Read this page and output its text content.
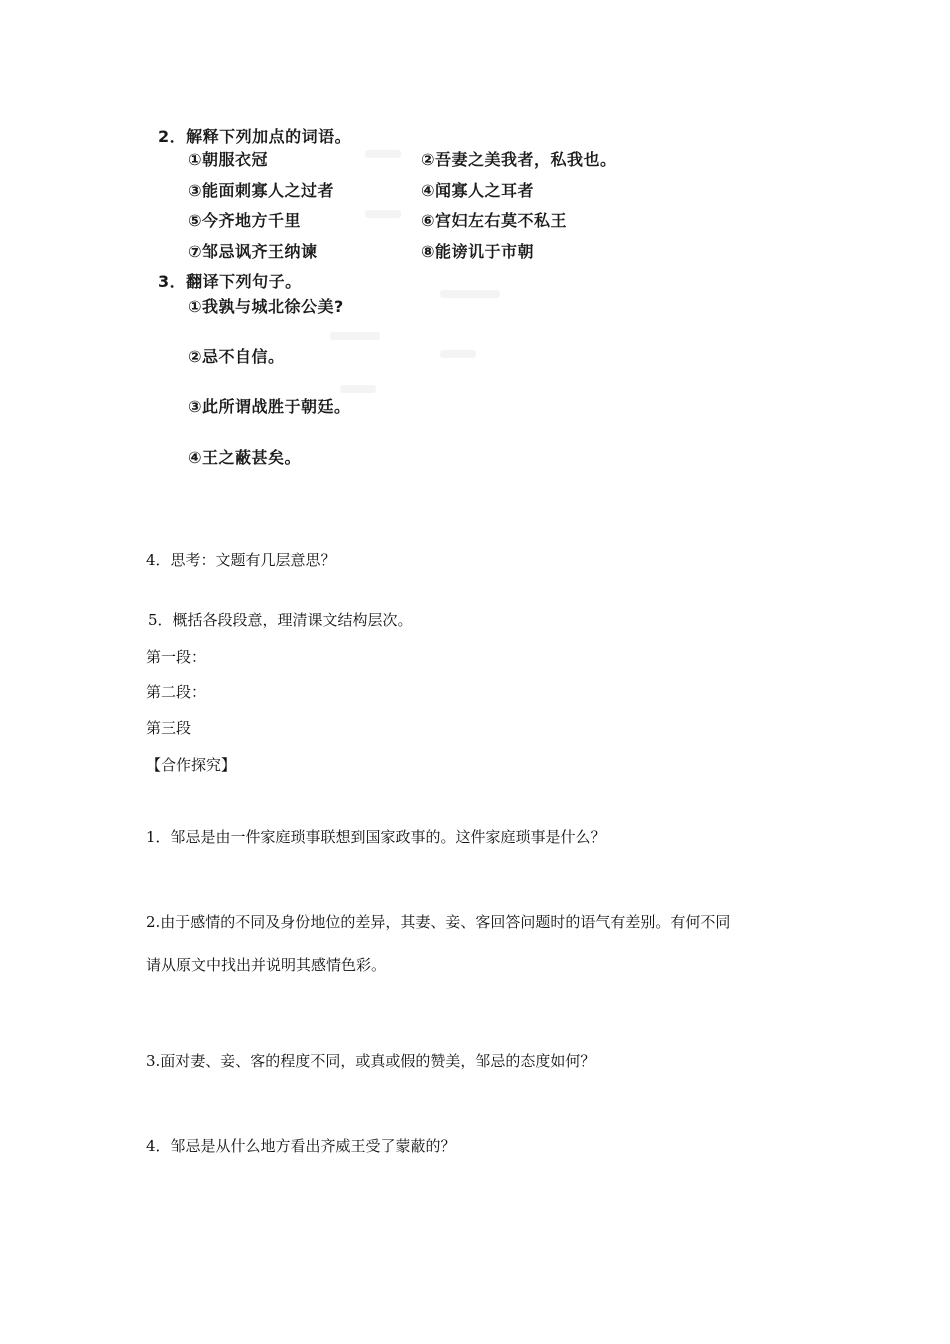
2．解释下列加点的词语。
①朝服衣冠	②吾妻之美我者，私我也。
③能面刺寡人之过者	④闻寡人之耳者
⑤今齐地方千里	⑥宫妇左右莫不私王
⑦邹忌讽齐王纳谏	⑧能谤讥于市朝
3．翻译下列句子。
①我孰与城北徐公美?
②忌不自信。
③此所谓战胜于朝廷。
④王之蔽甚矣。
4．思考：文题有几层意思？
5．概括各段段意，理清课文结构层次。
第一段：
第二段：
第三段
【合作探究】
1．邹忌是由一件家庭琐事联想到国家政事的。这件家庭琐事是什么？
2.由于感情的不同及身份地位的差异，其妻、妾、客回答问题时的语气有差别。有何不同
请从原文中找出并说明其感情色彩。
3.面对妻、妾、客的程度不同，或真或假的赞美，邹忌的态度如何？
4．邹忌是从什么地方看出齐威王受了蒙蔽的？
